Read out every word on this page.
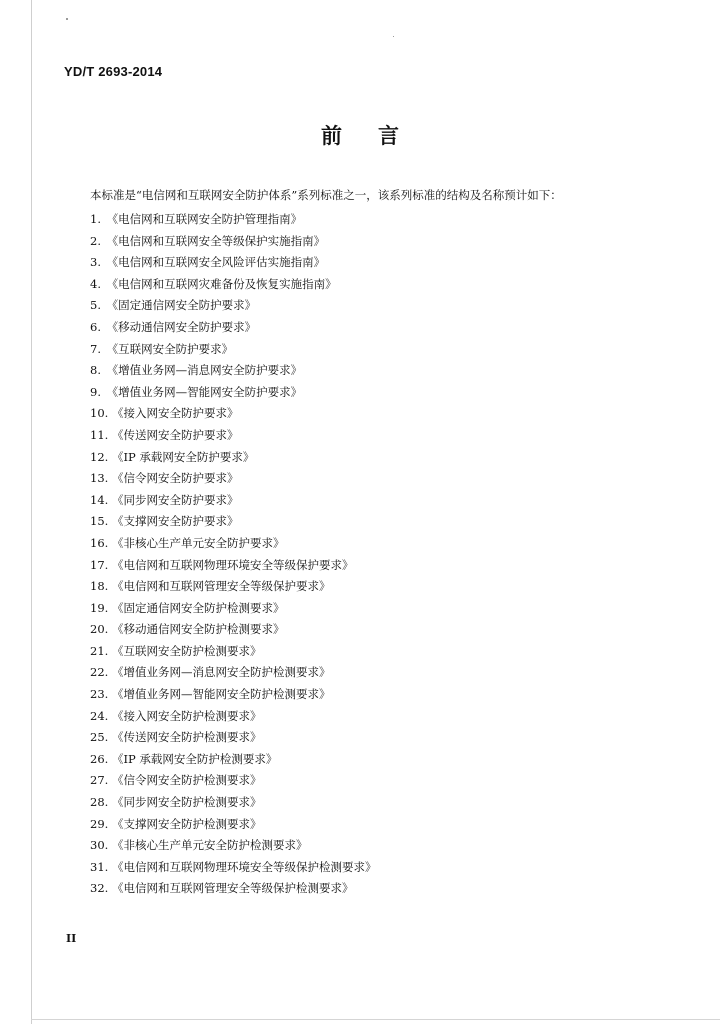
YD/T 2693-2014
前言
本标准是“电信网和互联网安全防护体系”系列标准之一，该系列标准的结构及名称预计如下：
1. 《电信网和互联网安全防护管理指南》
2. 《电信网和互联网安全等级保护实施指南》
3. 《电信网和互联网安全风险评估实施指南》
4. 《电信网和互联网灾难备份及恢复实施指南》
5. 《固定通信网安全防护要求》
6. 《移动通信网安全防护要求》
7. 《互联网安全防护要求》
8. 《增值业务网—消息网安全防护要求》
9. 《增值业务网—智能网安全防护要求》
10. 《接入网安全防护要求》
11. 《传送网安全防护要求》
12. 《IP 承载网安全防护要求》
13. 《信令网安全防护要求》
14. 《同步网安全防护要求》
15. 《支撑网安全防护要求》
16. 《非核心生产单元安全防护要求》
17. 《电信网和互联网物理环境安全等级保护要求》
18. 《电信网和互联网管理安全等级保护要求》
19. 《固定通信网安全防护检测要求》
20. 《移动通信网安全防护检测要求》
21. 《互联网安全防护检测要求》
22. 《增值业务网—消息网安全防护检测要求》
23. 《增值业务网—智能网安全防护检测要求》
24. 《接入网安全防护检测要求》
25. 《传送网安全防护检测要求》
26. 《IP 承载网安全防护检测要求》
27. 《信令网安全防护检测要求》
28. 《同步网安全防护检测要求》
29. 《支撑网安全防护检测要求》
30. 《非核心生产单元安全防护检测要求》
31. 《电信网和互联网物理环境安全等级保护检测要求》
32. 《电信网和互联网管理安全等级保护检测要求》
II
